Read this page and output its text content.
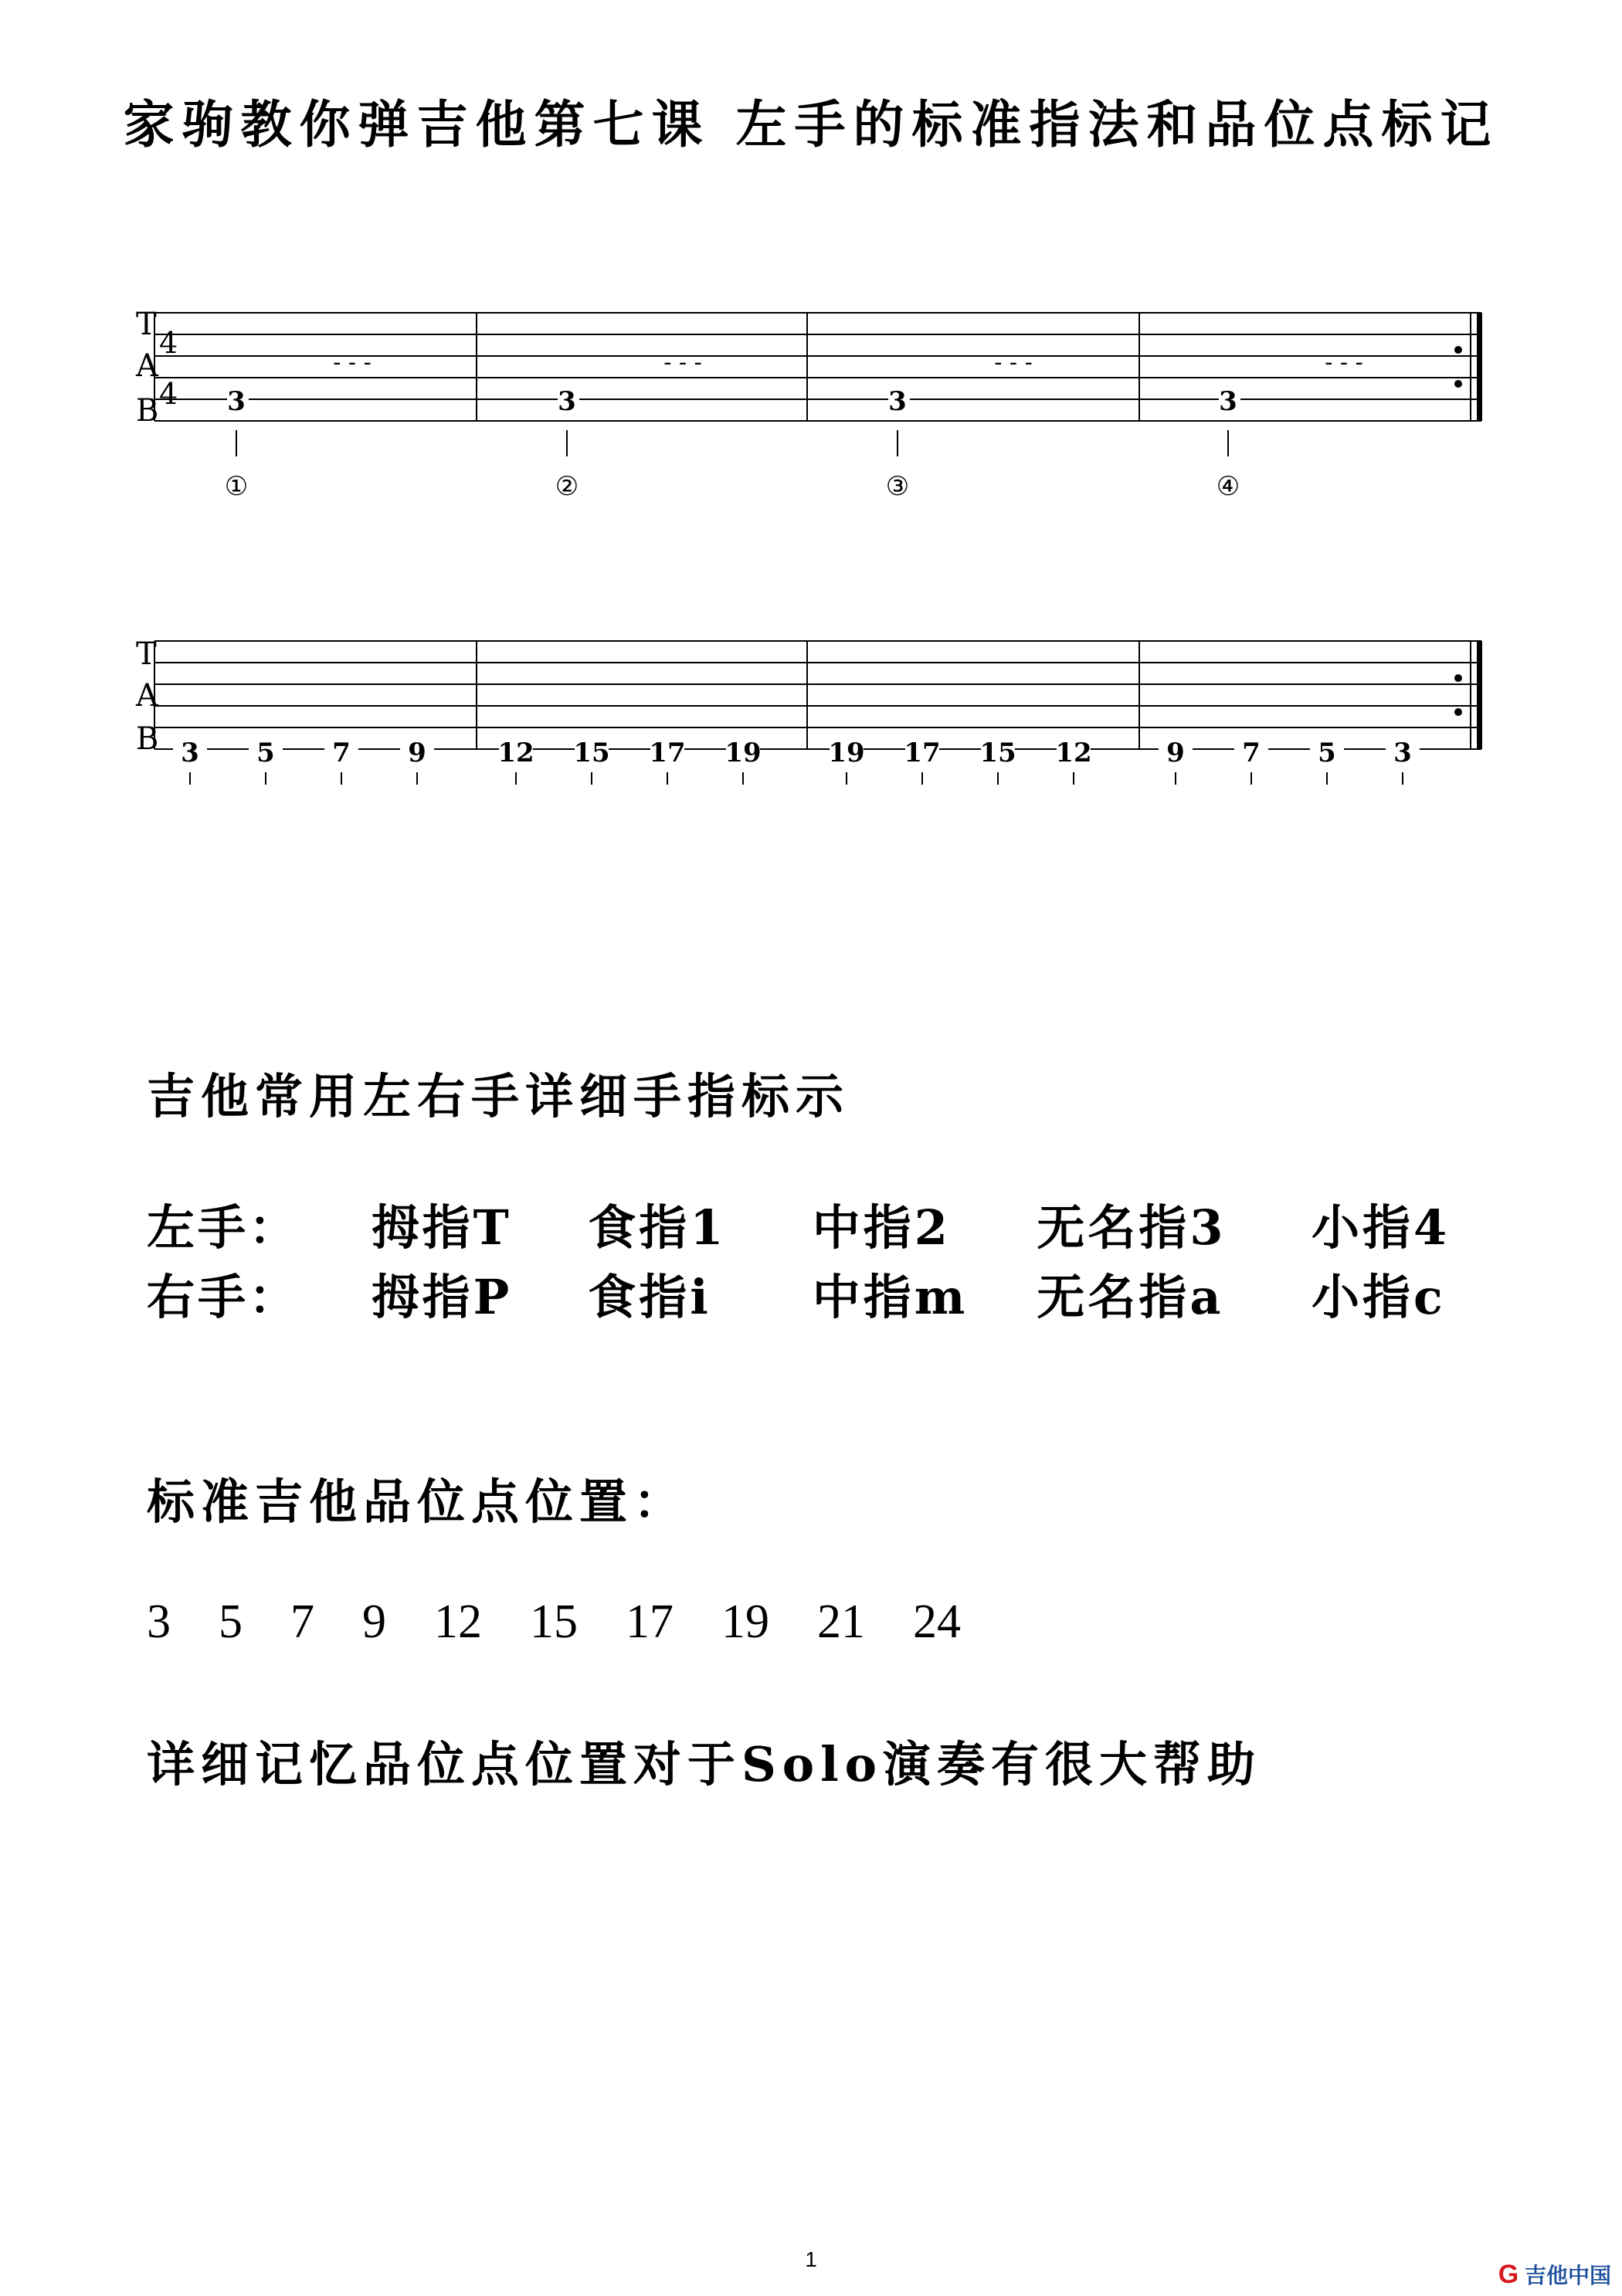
家驹教你弹吉他第七课 左手的标准指法和品位点标记
T
A
B
4
4 3
- - -
①
3
- - -
②
3
- - -
③
3
- - -
④
T
A
B 3 5 7 9	12 15 17 19	19 17 15 12	9 7 5 3
吉他常用左右手详细手指标示
左手： 拇指T 食指1 中指2 无名指3 小指4
右手： 拇指P 食指i 中指m 无名指a 小指c
标准吉他品位点位置：
3 5 7 9 12 15 17 19 21 24
详细记忆品位点位置对于Solo演奏有很大帮助
1
G 吉他中国
